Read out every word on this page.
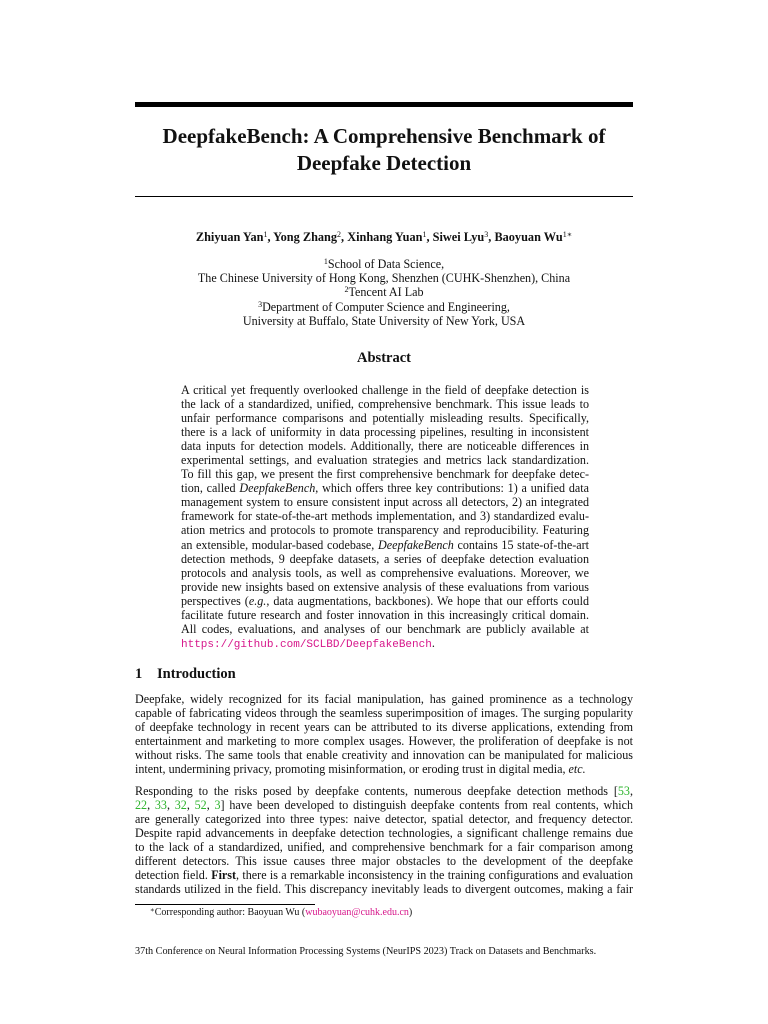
DeepfakeBench: A Comprehensive Benchmark of
Deepfake Detection
Zhiyuan Yan$^1$, Yong Zhang$^2$, Xinhang Yuan$^1$, Siwei Lyu$^3$, Baoyuan $Wu^{1∗}$
$^1$School of Data Science,
The Chinese University of Hong Kong, Shenzhen (CUHK-Shenzhen), China
$^2$Tencent AI Lab
$^3$Department of Computer Science and Engineering,
University at Buffalo, State University of New York, USA
Abstract
A critical yet frequently overlooked challenge in the field of deepfake detection is
the lack of a standardized, unified, comprehensive benchmark. This issue leads to
unfair performance comparisons and potentially misleading results. Specifically,
there is a lack of uniformity in data processing pipelines, resulting in inconsistent
data inputs for detection models. Additionally, there are noticeable differences in
experimental settings, and evaluation strategies and metrics lack standardization.
To fill this gap, we present the first comprehensive benchmark for deepfake detec-
tion, called DeepfakeBench, which offers three key contributions: 1) a unified data
management system to ensure consistent input across all detectors, 2) an integrated
framework for state-of-the-art methods implementation, and 3) standardized evalu-
ation metrics and protocols to promote transparency and reproducibility. Featuring
an extensible, modular-based codebase, DeepfakeBench contains 15 state-of-the-art
detection methods, 9 deepfake datasets, a series of deepfake detection evaluation
protocols and analysis tools, as well as comprehensive evaluations. Moreover, we
provide new insights based on extensive analysis of these evaluations from various
perspectives (e.g., data augmentations, backbones). We hope that our efforts could
facilitate future research and foster innovation in this increasingly critical domain.
All codes, evaluations, and analyses of our benchmark are publicly available at
https://github.com/SCLBD/DeepfakeBench.
1 Introduction
Deepfake, widely recognized for its facial manipulation, has gained prominence as a technology
capable of fabricating videos through the seamless superimposition of images. The surging popularity
of deepfake technology in recent years can be attributed to its diverse applications, extending from
entertainment and marketing to more complex usages. However, the proliferation of deepfake is not
without risks. The same tools that enable creativity and innovation can be manipulated for malicious
intent, undermining privacy, promoting misinformation, or eroding trust in digital media, etc.
Responding to the risks posed by deepfake contents, numerous deepfake detection methods [53,
22, 33, 32, 52, 3] have been developed to distinguish deepfake contents from real contents, which
are generally categorized into three types: naive detector, spatial detector, and frequency detector.
Despite rapid advancements in deepfake detection technologies, a significant challenge remains due
to the lack of a standardized, unified, and comprehensive benchmark for a fair comparison among
different detectors. This issue causes three major obstacles to the development of the deepfake
detection field. First, there is a remarkable inconsistency in the training configurations and evaluation
standards utilized in the field. This discrepancy inevitably leads to divergent outcomes, making a fair
∗Corresponding author: Baoyuan Wu (wubaoyuan@cuhk.edu.cn)
37th Conference on Neural Information Processing Systems (NeurIPS 2023) Track on Datasets and Benchmarks.
